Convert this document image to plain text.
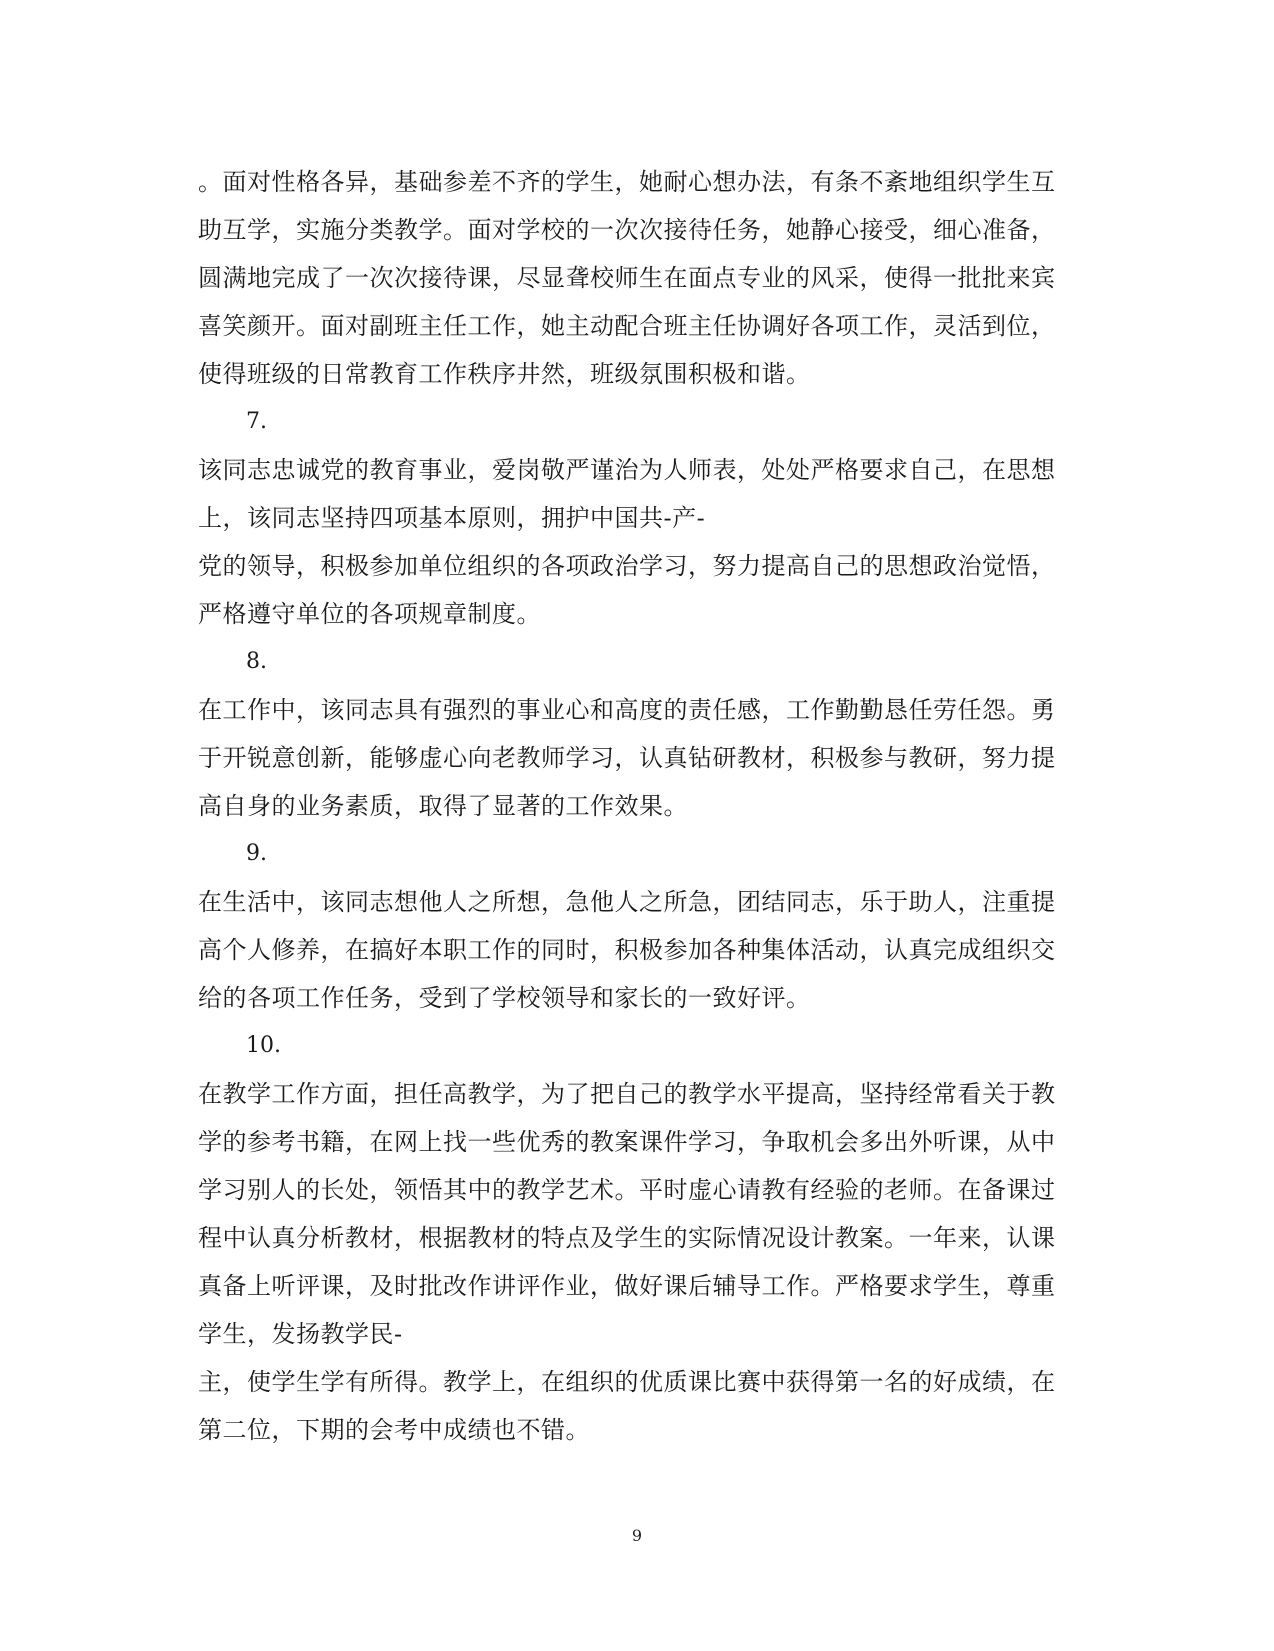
。面对性格各异，基础参差不齐的学生，她耐心想办法，有条不紊地组织学生互
助互学，实施分类教学。面对学校的一次次接待任务，她静心接受，细心准备，
圆满地完成了一次次接待课，尽显聋校师生在面点专业的风采，使得一批批来宾
喜笑颜开。面对副班主任工作，她主动配合班主任协调好各项工作，灵活到位，
使得班级的日常教育工作秩序井然，班级氛围积极和谐。
7.
该同志忠诚党的教育事业，爱岗敬严谨治为人师表，处处严格要求自己，在思想
上，该同志坚持四项基本原则，拥护中国共-产-
党的领导，积极参加单位组织的各项政治学习，努力提高自己的思想政治觉悟，
严格遵守单位的各项规章制度。
8.
在工作中，该同志具有强烈的事业心和高度的责任感，工作勤勤恳任劳任怨。勇
于开锐意创新，能够虚心向老教师学习，认真钻研教材，积极参与教研，努力提
高自身的业务素质，取得了显著的工作效果。
9.
在生活中，该同志想他人之所想，急他人之所急，团结同志，乐于助人，注重提
高个人修养，在搞好本职工作的同时，积极参加各种集体活动，认真完成组织交
给的各项工作任务，受到了学校领导和家长的一致好评。
10.
在教学工作方面，担任高教学，为了把自己的教学水平提高，坚持经常看关于教
学的参考书籍，在网上找一些优秀的教案课件学习，争取机会多出外听课，从中
学习别人的长处，领悟其中的教学艺术。平时虚心请教有经验的老师。在备课过
程中认真分析教材，根据教材的特点及学生的实际情况设计教案。一年来，认课
真备上听评课，及时批改作讲评作业，做好课后辅导工作。严格要求学生，尊重
学生，发扬教学民-
主，使学生学有所得。教学上，在组织的优质课比赛中获得第一名的好成绩，在
第二位，下期的会考中成绩也不错。
9
